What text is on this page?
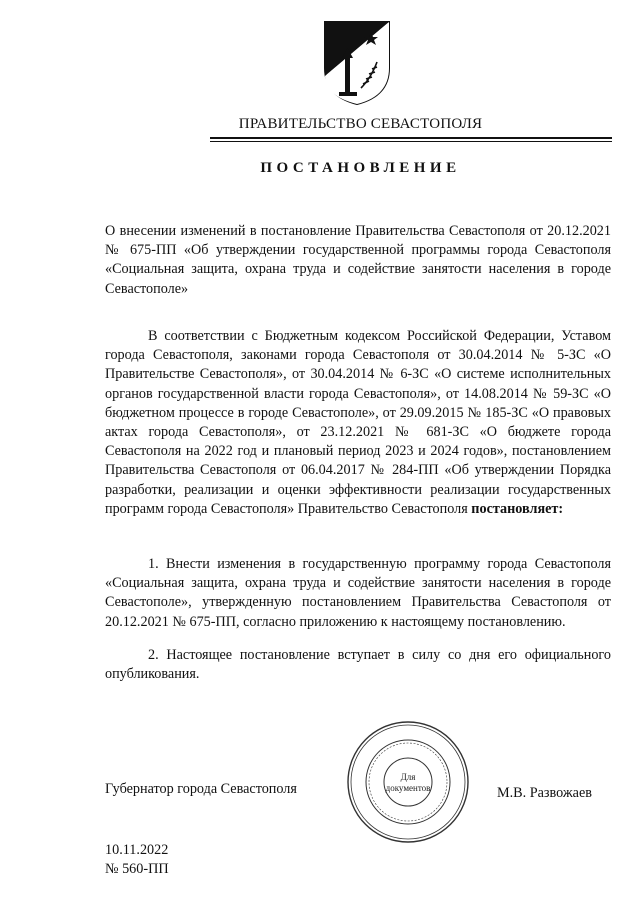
ПРАВИТЕЛЬСТВО СЕВАСТОПОЛЯ
ПОСТАНОВЛЕНИЕ
О внесении изменений в постановление Правительства Севастополя от 20.12.2021 № 675-ПП «Об утверждении государственной программы города Севастополя «Социальная защита, охрана труда и содействие занятости населения в городе Севастополе»
В соответствии с Бюджетным кодексом Российской Федерации, Уставом города Севастополя, законами города Севастополя от 30.04.2014 № 5-ЗС «О Правительстве Севастополя», от 30.04.2014 № 6-ЗС «О системе исполнительных органов государственной власти города Севастополя», от 14.08.2014 № 59-ЗС «О бюджетном процессе в городе Севастополе», от 29.09.2015 № 185-ЗС «О правовых актах города Севастополя», от 23.12.2021 № 681-ЗС «О бюджете города Севастополя на 2022 год и плановый период 2023 и 2024 годов», постановлением Правительства Севастополя от 06.04.2017 № 284-ПП «Об утверждении Порядка разработки, реализации и оценки эффективности реализации государственных программ города Севастополя» Правительство Севастополя постановляет:
1. Внести изменения в государственную программу города Севастополя «Социальная защита, охрана труда и содействие занятости населения в городе Севастополе», утвержденную постановлением Правительства Севастополя от 20.12.2021 № 675-ПП, согласно приложению к настоящему постановлению.
2. Настоящее постановление вступает в силу со дня его официального опубликования.
Губернатор города Севастополя
Для
документов	М.В. Развожаев
10.11.2022
№ 560-ПП
